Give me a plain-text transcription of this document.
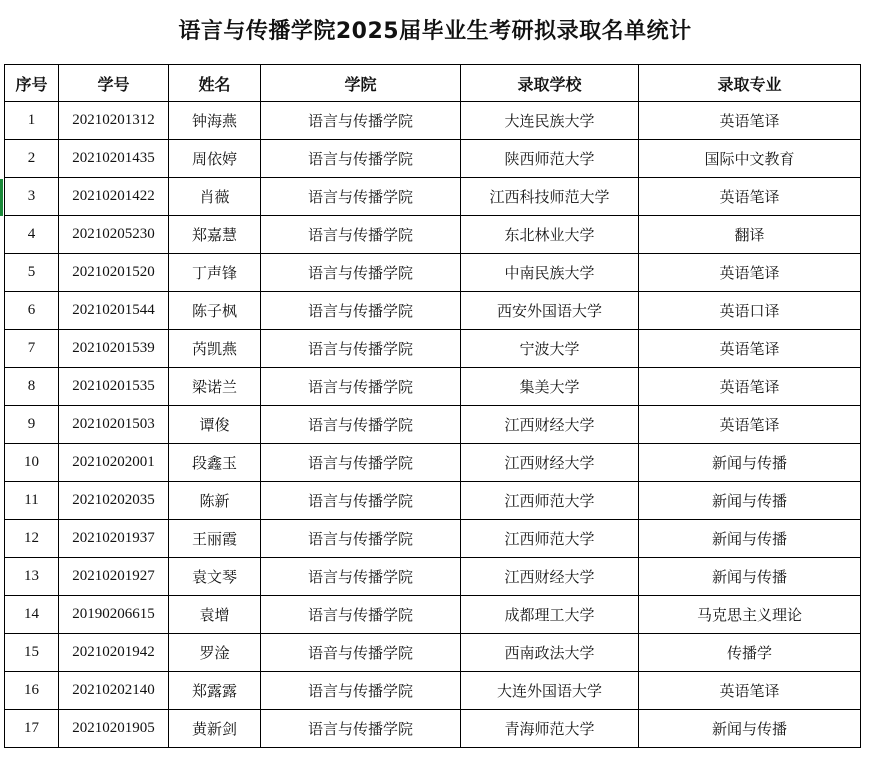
语言与传播学院2025届毕业生考研拟录取名单统计
序号	学号	姓名	学院	录取学校	录取专业
1	20210201312	钟海燕	语言与传播学院	大连民族大学	英语笔译
2	20210201435	周依婷	语言与传播学院	陕西师范大学	国际中文教育
3	20210201422	肖薇	语言与传播学院	江西科技师范大学	英语笔译
4	20210205230	郑嘉慧	语言与传播学院	东北林业大学	翻译
5	20210201520	丁声锋	语言与传播学院	中南民族大学	英语笔译
6	20210201544	陈子枫	语言与传播学院	西安外国语大学	英语口译
7	20210201539	芮凯燕	语言与传播学院	宁波大学	英语笔译
8	20210201535	梁诺兰	语言与传播学院	集美大学	英语笔译
9	20210201503	谭俊	语言与传播学院	江西财经大学	英语笔译
10	20210202001	段鑫玉	语言与传播学院	江西财经大学	新闻与传播
11	20210202035	陈新	语言与传播学院	江西师范大学	新闻与传播
12	20210201937	王丽霞	语言与传播学院	江西师范大学	新闻与传播
13	20210201927	袁文琴	语言与传播学院	江西财经大学	新闻与传播
14	20190206615	袁增	语言与传播学院	成都理工大学	马克思主义理论
15	20210201942	罗淦	语音与传播学院	西南政法大学	传播学
16	20210202140	郑露露	语言与传播学院	大连外国语大学	英语笔译
17	20210201905	黄新剑	语言与传播学院	青海师范大学	新闻与传播
